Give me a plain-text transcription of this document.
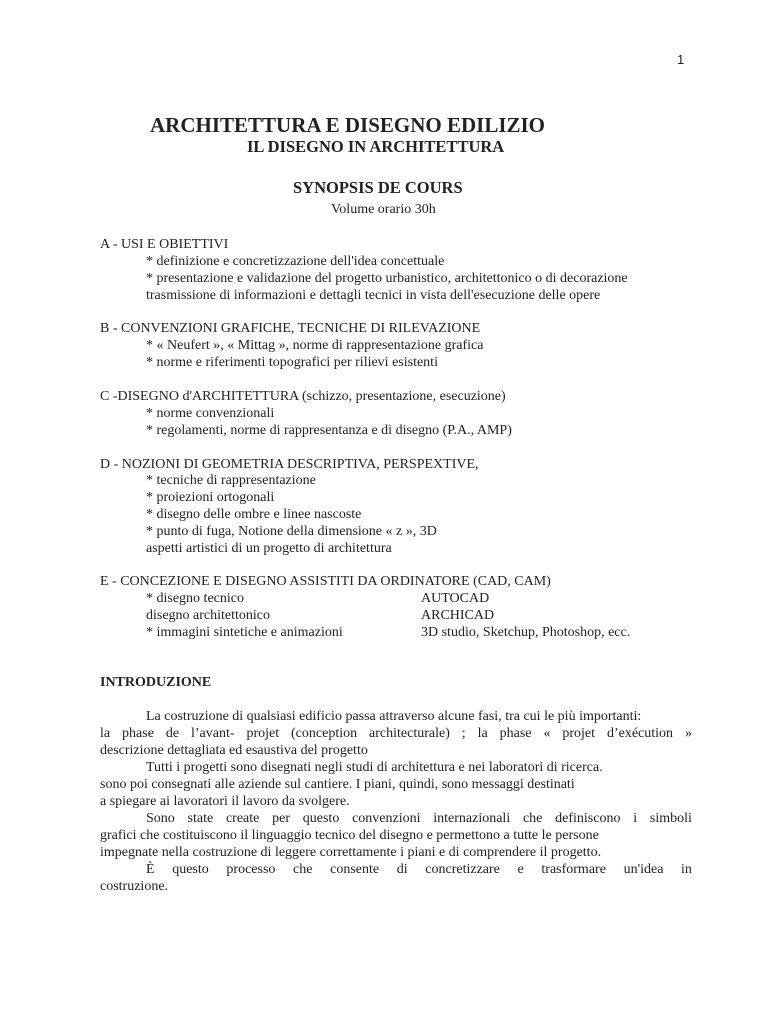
1
ARCHITETTURA E DISEGNO EDILIZIO
IL DISEGNO IN ARCHITETTURA
SYNOPSIS DE COURS
Volume orario 30h
A - USI E OBIETTIVI
* definizione e concretizzazione dell'idea concettuale
* presentazione e validazione del progetto urbanistico, architettonico o di decorazione
trasmissione di informazioni e dettagli tecnici in vista dell'esecuzione delle opere
B - CONVENZIONI GRAFICHE, TECNICHE DI RILEVAZIONE
* « Neufert », « Mittag », norme di rappresentazione grafica
* norme e riferimenti topografici per rilievi esistenti
C -DISEGNO d'ARCHITETTURA (schizzo, presentazione, esecuzione)
* norme convenzionali
* regolamenti, norme di rappresentanza e di disegno (P.A., AMP)
D - NOZIONI DI GEOMETRIA DESCRIPTIVA, PERSPEXTIVE,
* tecniche di rappresentazione
* proiezioni ortogonali
* disegno delle ombre e linee nascoste
* punto di fuga, Notione della dimensione « z », 3D
aspetti artistici di un progetto di architettura
E - CONCEZIONE E DISEGNO ASSISTITI DA ORDINATORE (CAD, CAM)
* disegno tecnico	AUTOCAD
disegno architettonico	ARCHICAD
* immagini sintetiche e animazioni	3D studio, Sketchup, Photoshop, ecc.
INTRODUZIONE
La costruzione di qualsiasi edificio passa attraverso alcune fasi, tra cui le più importanti:
la phase de l’avant- projet (conception architecturale) ; la phase « projet d’exécution »
descrizione dettagliata ed esaustiva del progetto
Tutti i progetti sono disegnati negli studi di architettura e nei laboratori di ricerca.
sono poi consegnati alle aziende sul cantiere. I piani, quindi, sono messaggi destinati
a spiegare ai lavoratori il lavoro da svolgere.
Sono state create per questo convenzioni internazionali che definiscono i simboli
grafici che costituiscono il linguaggio tecnico del disegno e permettono a tutte le persone
impegnate nella costruzione di leggere correttamente i piani e di comprendere il progetto.
È questo processo che consente di concretizzare e trasformare un'idea in
costruzione.
